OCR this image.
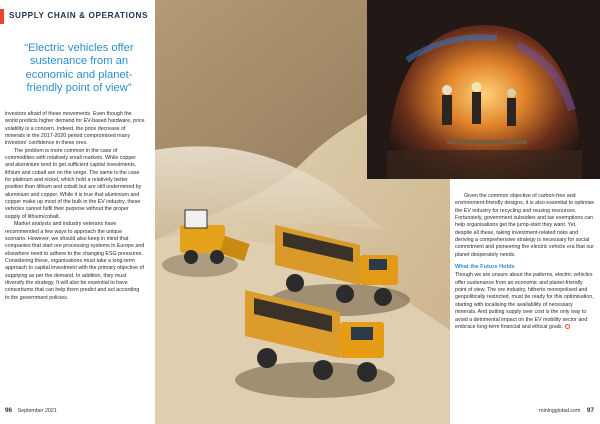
SUPPLY CHAIN & OPERATIONS
“Electric vehicles offer sustenance from an economic and planet-friendly point of view”

investors afraid of these movements. Even though the world predicts higher demand for EV-based hardware, price volatility is a concern. Indeed, the price decrease of minerals in the 2017-2020 period compromised many investors' confidence in these ores.

The problem is more common in the case of commodities with relatively small markets. While copper and aluminium tend to get sufficient capital investments, lithium and cobalt are on the verge. The same is the case for platinum and nickel, which hold a relatively better position than lithium and cobalt but are still undermined by aluminium and copper. While it is true that aluminium and copper make up most of the bulk in the EV industry, these vehicles cannot fulfil their purpose without the proper supply of lithium/cobalt.

Market analysts and industry veterans have recommended a few ways to approach the unique scenario. However, we should also keep in mind that companies that start ore processing systems in Europe and elsewhere need to adhere to the changing ESG pressures. Considering these, organisations must take a long-term approach to capital investment with the primary objective of supplying as per the demand. In addition, they must diversify the strategy. It will also be essential to have consortiums that can help them predict and act according to the government policies.

96 September 2021	miningglobal.com 97

Given the common objective of carbon-free and environment-friendly designs, it is also essential to optimise the EV industry for recycling and reusing resources. Fortunately, government subsidies and tax exemptions can help organisations get the jump-start they want. Yet, despite all these, taking investment-related risks and deriving a comprehensive strategy is necessary for social commitment and pioneering the electric vehicle era that our planet desperately needs.

What the Future Holds

Though we are unsure about the patterns, electric vehicles offer sustenance from an economic and planet-friendly point of view. The ore industry, hitherto monopolised and geopolitically restricted, must be ready for this optimisation, starting with localising the availability of necessary minerals. And putting supply over cost is the only way to avoid a detrimental impact on the EV mobility sector and embrace long-term financial and ethical goals.
